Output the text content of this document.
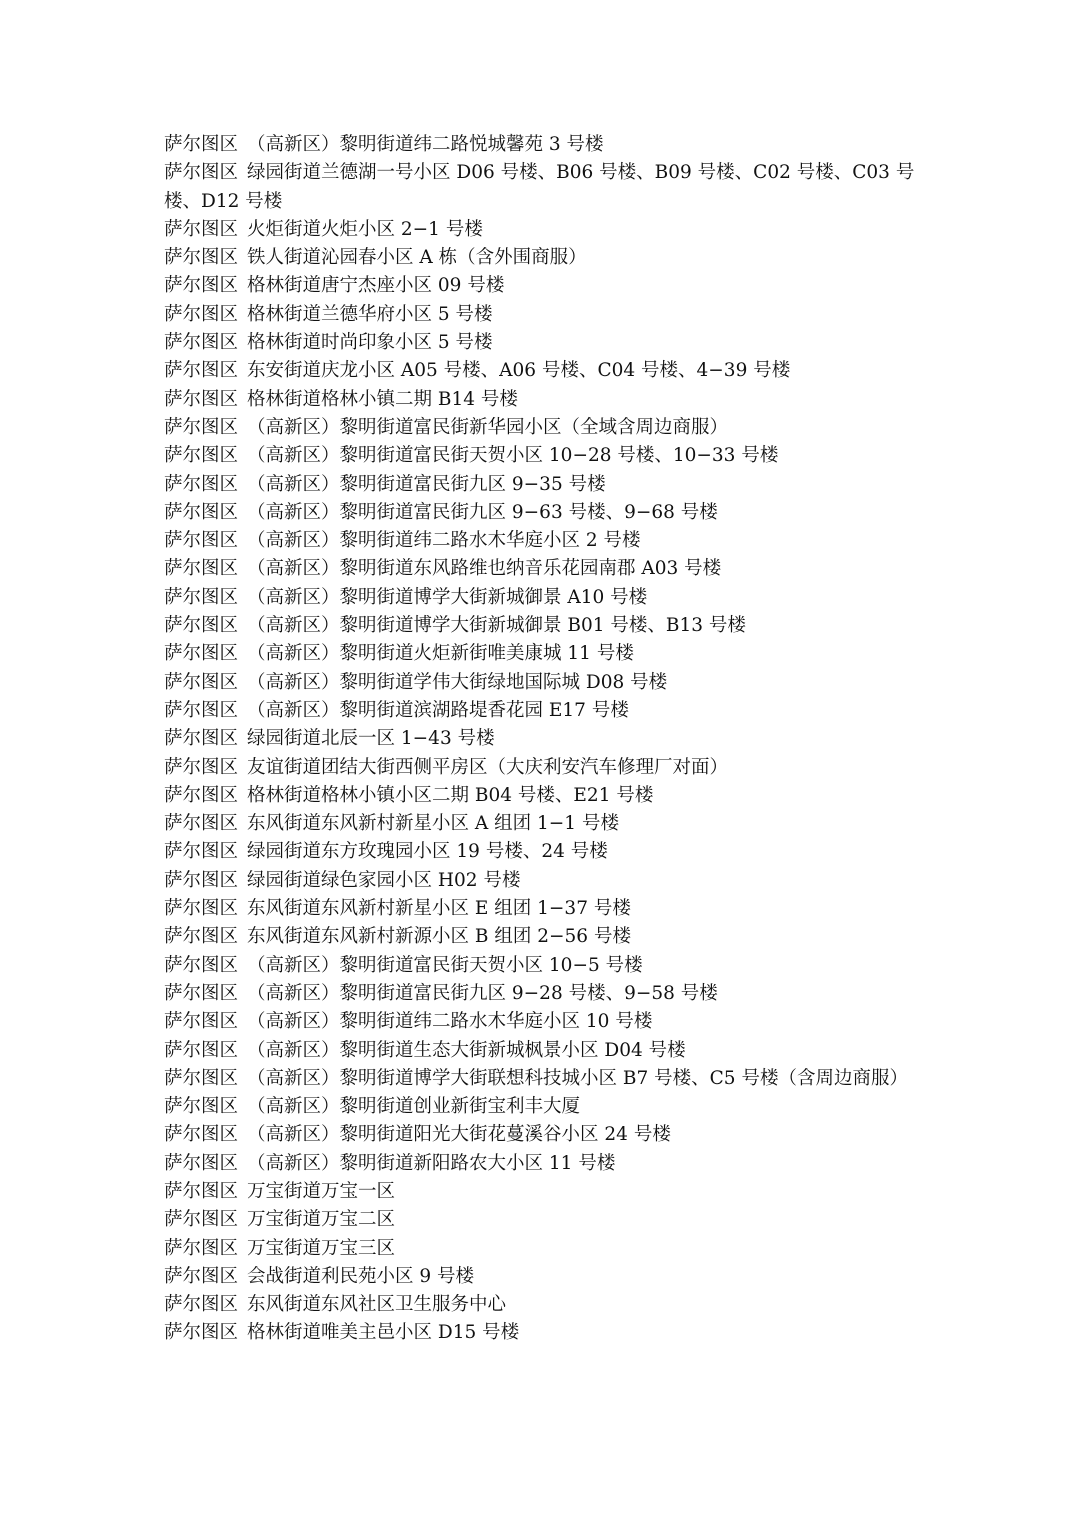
萨尔图区 （高新区）黎明街道纬二路悦城馨苑 3 号楼
萨尔图区 绿园街道兰德湖一号小区 D06 号楼、B06 号楼、B09 号楼、C02 号楼、C03 号楼、D12 号楼
萨尔图区 火炬街道火炬小区 2−1 号楼
萨尔图区 铁人街道沁园春小区 A 栋（含外围商服）
萨尔图区 格林街道唐宁杰座小区 09 号楼
萨尔图区 格林街道兰德华府小区 5 号楼
萨尔图区 格林街道时尚印象小区 5 号楼
萨尔图区 东安街道庆龙小区 A05 号楼、A06 号楼、C04 号楼、4−39 号楼
萨尔图区 格林街道格林小镇二期 B14 号楼
萨尔图区 （高新区）黎明街道富民街新华园小区（全域含周边商服）
萨尔图区 （高新区）黎明街道富民街天贺小区 10−28 号楼、10−33 号楼
萨尔图区 （高新区）黎明街道富民街九区 9−35 号楼
萨尔图区 （高新区）黎明街道富民街九区 9−63 号楼、9−68 号楼
萨尔图区 （高新区）黎明街道纬二路水木华庭小区 2 号楼
萨尔图区 （高新区）黎明街道东风路维也纳音乐花园南郡 A03 号楼
萨尔图区 （高新区）黎明街道博学大街新城御景 A10 号楼
萨尔图区 （高新区）黎明街道博学大街新城御景 B01 号楼、B13 号楼
萨尔图区 （高新区）黎明街道火炬新街唯美康城 11 号楼
萨尔图区 （高新区）黎明街道学伟大街绿地国际城 D08 号楼
萨尔图区 （高新区）黎明街道滨湖路堤香花园 E17 号楼
萨尔图区 绿园街道北辰一区 1−43 号楼
萨尔图区 友谊街道团结大街西侧平房区（大庆利安汽车修理厂对面）
萨尔图区 格林街道格林小镇小区二期 B04 号楼、E21 号楼
萨尔图区 东风街道东风新村新星小区 A 组团 1−1 号楼
萨尔图区 绿园街道东方玫瑰园小区 19 号楼、24 号楼
萨尔图区 绿园街道绿色家园小区 H02 号楼
萨尔图区 东风街道东风新村新星小区 E 组团 1−37 号楼
萨尔图区 东风街道东风新村新源小区 B 组团 2−56 号楼
萨尔图区 （高新区）黎明街道富民街天贺小区 10−5 号楼
萨尔图区 （高新区）黎明街道富民街九区 9−28 号楼、9−58 号楼
萨尔图区 （高新区）黎明街道纬二路水木华庭小区 10 号楼
萨尔图区 （高新区）黎明街道生态大街新城枫景小区 D04 号楼
萨尔图区 （高新区）黎明街道博学大街联想科技城小区 B7 号楼、C5 号楼（含周边商服）
萨尔图区 （高新区）黎明街道创业新街宝利丰大厦
萨尔图区 （高新区）黎明街道阳光大街花蔓溪谷小区 24 号楼
萨尔图区 （高新区）黎明街道新阳路农大小区 11 号楼
萨尔图区 万宝街道万宝一区
萨尔图区 万宝街道万宝二区
萨尔图区 万宝街道万宝三区
萨尔图区 会战街道利民苑小区 9 号楼
萨尔图区 东风街道东风社区卫生服务中心
萨尔图区 格林街道唯美主邑小区 D15 号楼
